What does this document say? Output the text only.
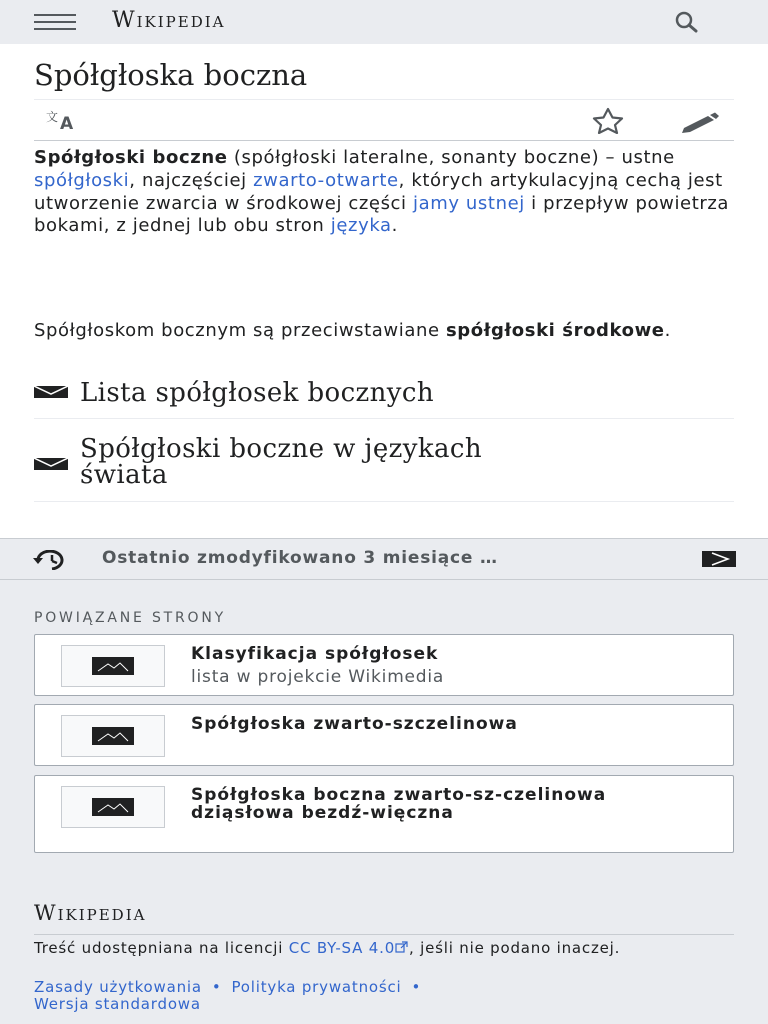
Wikipedia
Spółgłoska boczna
文 A

Spółgłoski boczne (spółgłoski lateralne, sonanty boczne) – ustne spółgłoski, najczęściej zwarto-otwarte, których artykulacyjną cechą jest utworzenie zwarcia w środkowej części jamy ustnej i przepływ powietrza bokami, z jednej lub obu stron języka.

Spółgłoskom bocznym są przeciwstawiane spółgłoski środkowe.

Lista spółgłosek bocznych
Spółgłoski boczne w językach świata
Ostatnio zmodyfikowano 3 miesiące …
POWIĄZANE STRONY
Klasyfikacja spółgłosek
lista w projekcie Wikimedia
Spółgłoska zwarto-szczelinowa
Spółgłoska boczna zwarto-sz-czelinowa dziąsłowa bezdź-więczna
Wikipedia
Treść udostępniana na licencji CC BY-SA 4.0 , jeśli nie podano inaczej.
Zasady użytkowania • Polityka prywatności •
Wersja standardowa
